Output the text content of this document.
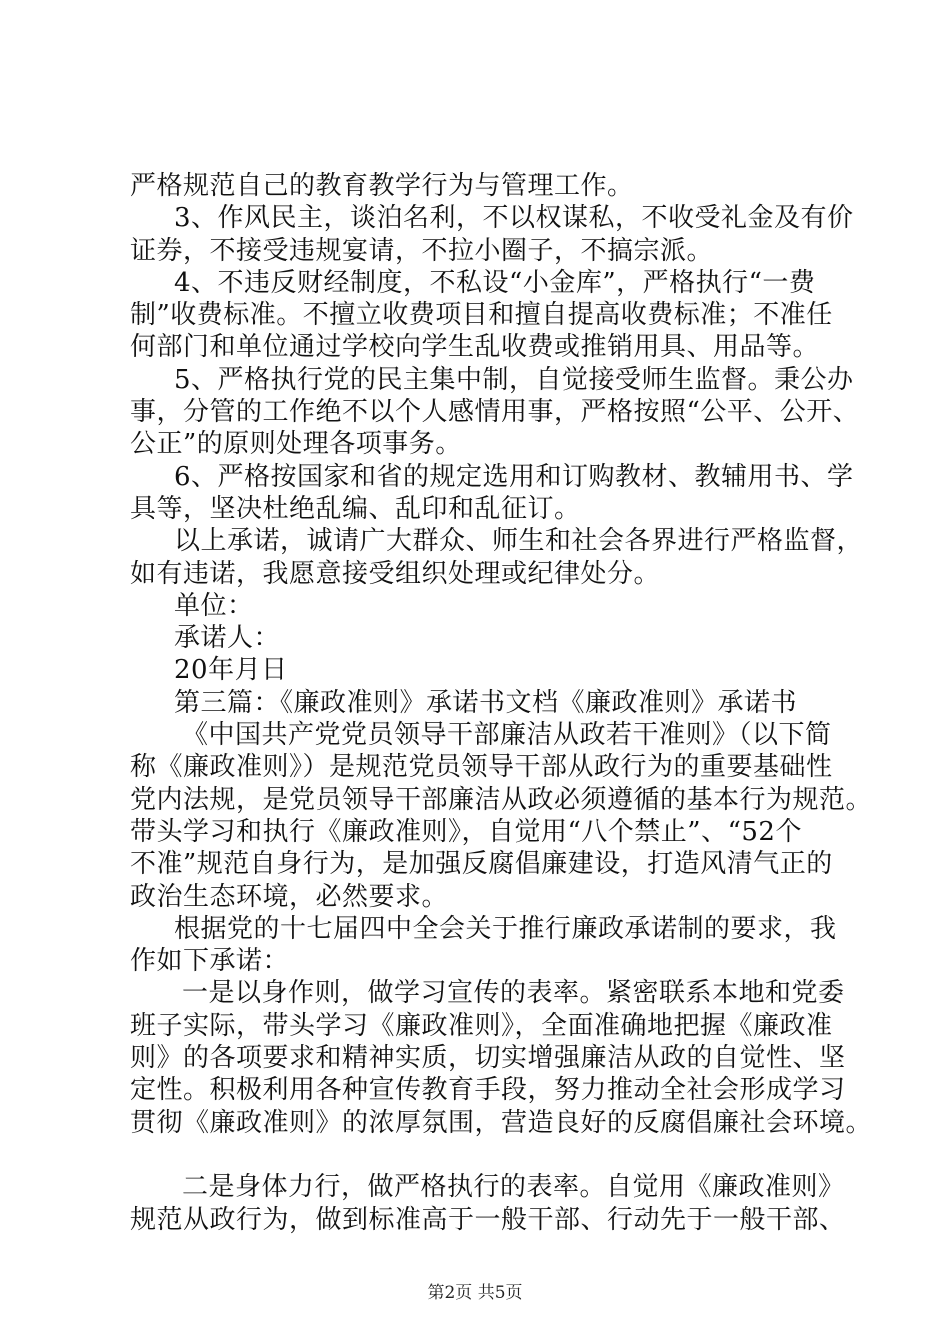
严格规范自己的教育教学行为与管理工作。
3、作风民主，谈泊名利，不以权谋私，不收受礼金及有价
证券，不接受违规宴请，不拉小圈子，不搞宗派。
4、不违反财经制度，不私设“小金库”，严格执行“一费
制”收费标准。不擅立收费项目和擅自提高收费标准；不准任
何部门和单位通过学校向学生乱收费或推销用具、用品等。
5、严格执行党的民主集中制，自觉接受师生监督。秉公办
事，分管的工作绝不以个人感情用事，严格按照“公平、公开、
公正”的原则处理各项事务。
6、严格按国家和省的规定选用和订购教材、教辅用书、学
具等，坚决杜绝乱编、乱印和乱征订。
以上承诺，诚请广大群众、师生和社会各界进行严格监督，
如有违诺，我愿意接受组织处理或纪律处分。
单位：
承诺人：
20年月日
第三篇：《廉政准则》承诺书文档《廉政准则》承诺书
《中国共产党党员领导干部廉洁从政若干准则》（以下简
称《廉政准则》）是规范党员领导干部从政行为的重要基础性
党内法规，是党员领导干部廉洁从政必须遵循的基本行为规范。
带头学习和执行《廉政准则》，自觉用“八个禁止”、“52个
不准”规范自身行为，是加强反腐倡廉建设，打造风清气正的
政治生态环境，必然要求。
根据党的十七届四中全会关于推行廉政承诺制的要求，我
作如下承诺：
一是以身作则，做学习宣传的表率。紧密联系本地和党委
班子实际，带头学习《廉政准则》，全面准确地把握《廉政准
则》的各项要求和精神实质，切实增强廉洁从政的自觉性、坚
定性。积极利用各种宣传教育手段，努力推动全社会形成学习
贯彻《廉政准则》的浓厚氛围，营造良好的反腐倡廉社会环境。
二是身体力行，做严格执行的表率。自觉用《廉政准则》
规范从政行为，做到标准高于一般干部、行动先于一般干部、
第2页 共5页
